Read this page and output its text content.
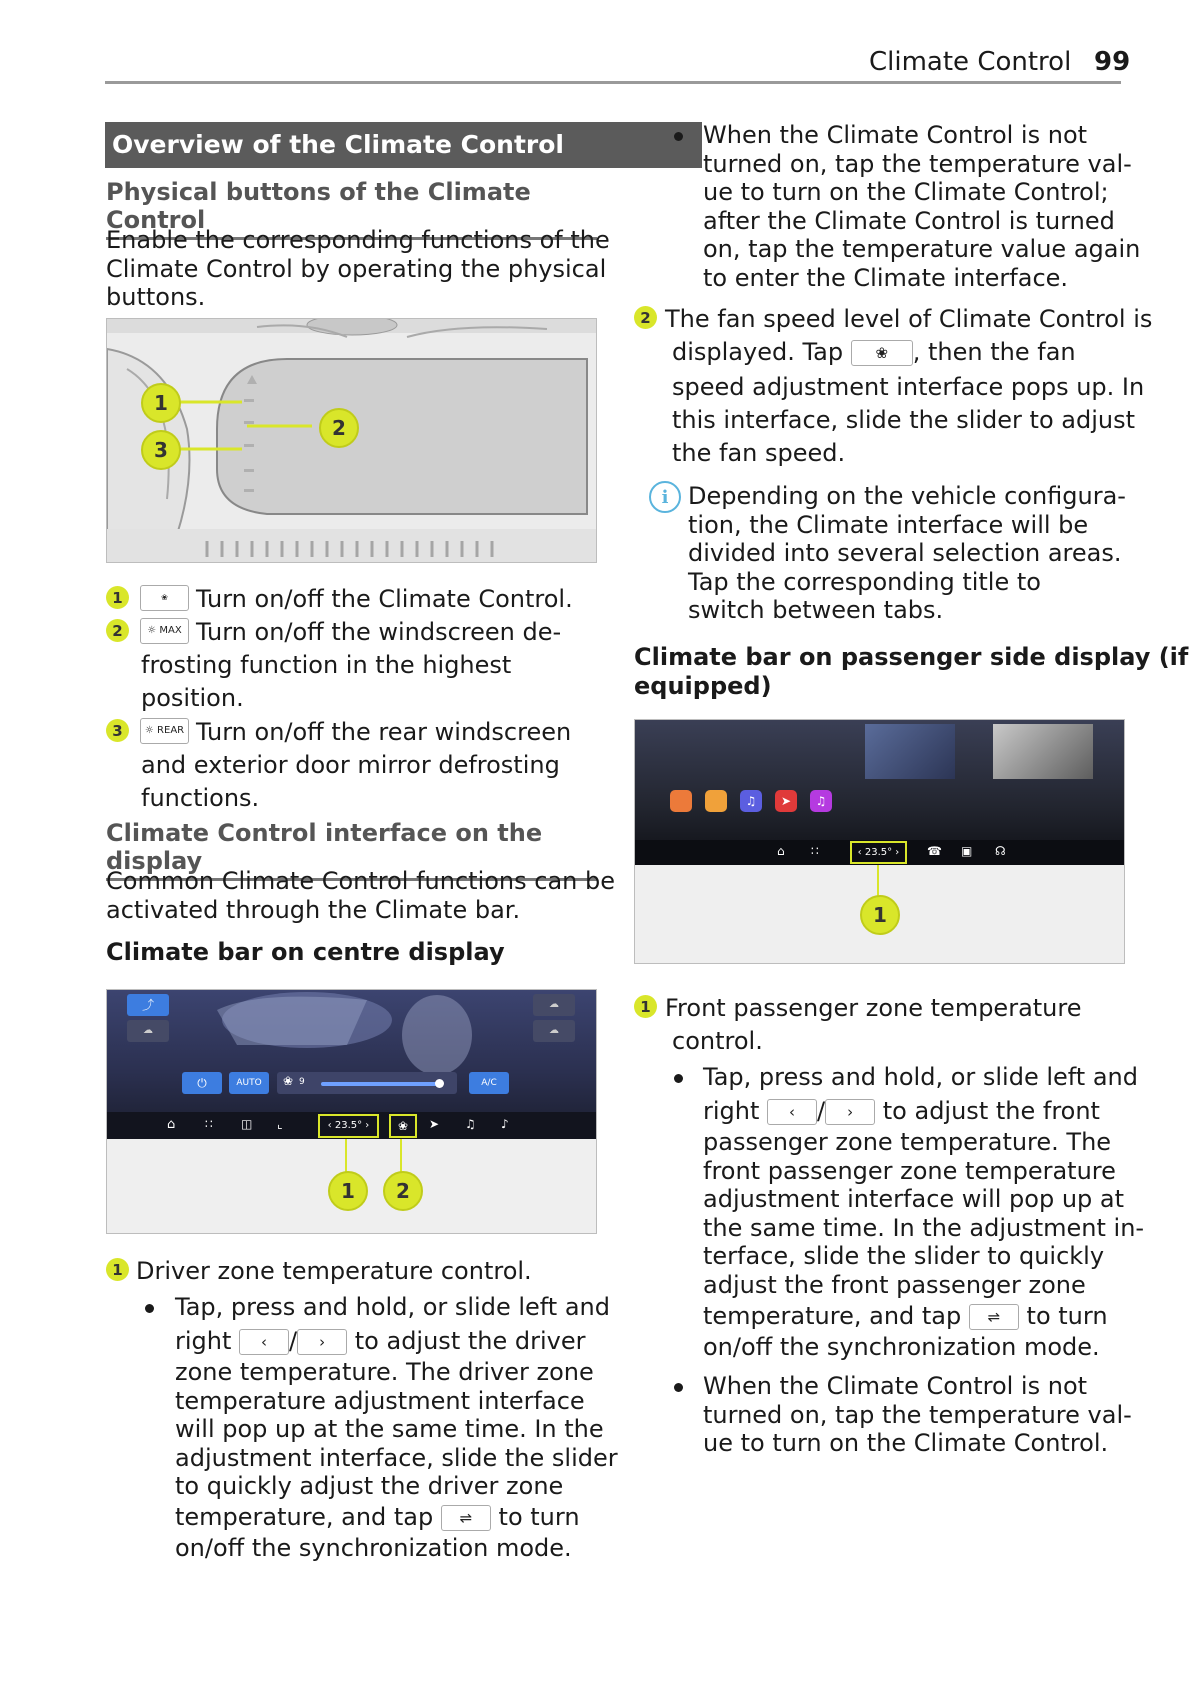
Climate Control 99
Overview of the Climate Control
Physical buttons of the Climate Control
Enable the corresponding functions of the
Climate Control by operating the physical
buttons.
1
3
2
1	❀	Turn on/off the Climate Control.
2	☼ MAX Turn on/off the windscreen de-
frosting function in the highest
position.
3	☼ REAR Turn on/off the rear windscreen
and exterior door mirror defrosting
functions.
Climate Control interface on the display
Common Climate Control functions can be
activated through the Climate bar.
Climate bar on centre display
⤴
☁
☁
☁
⏻	AUTO	❀ 9	A/C
⌂ ∷ ◫ ⌞	‹ 23.5° ›	❀	➤ ♫ ♪
1	2
1 Driver zone temperature control.
Tap, press and hold, or slide left and
right ‹ / › to adjust the driver
zone temperature. The driver zone
temperature adjustment interface
will pop up at the same time. In the
adjustment interface, slide the slider
to quickly adjust the driver zone
temperature, and tap ⇌ to turn
on/off the synchronization mode.
When the Climate Control is not
turned on, tap the temperature val-
ue to turn on the Climate Control;
after the Climate Control is turned
on, tap the temperature value again
to enter the Climate interface.
2 The fan speed level of Climate Control is
displayed. Tap ❀ , then the fan
speed adjustment interface pops up. In
this interface, slide the slider to adjust
the fan speed.
i Depending on the vehicle configura-
tion, the Climate interface will be
divided into several selection areas.
Tap the corresponding title to
switch between tabs.
Climate bar on passenger side display (if
equipped)
♫	➤	♫
⌂ ∷	‹ 23.5° ›	☎ ▣ ☊
1
1 Front passenger zone temperature
control.
Tap, press and hold, or slide left and
right ‹ / › to adjust the front
passenger zone temperature. The
front passenger zone temperature
adjustment interface will pop up at
the same time. In the adjustment in-
terface, slide the slider to quickly
adjust the front passenger zone
temperature, and tap ⇌ to turn
on/off the synchronization mode.
When the Climate Control is not
turned on, tap the temperature val-
ue to turn on the Climate Control.
